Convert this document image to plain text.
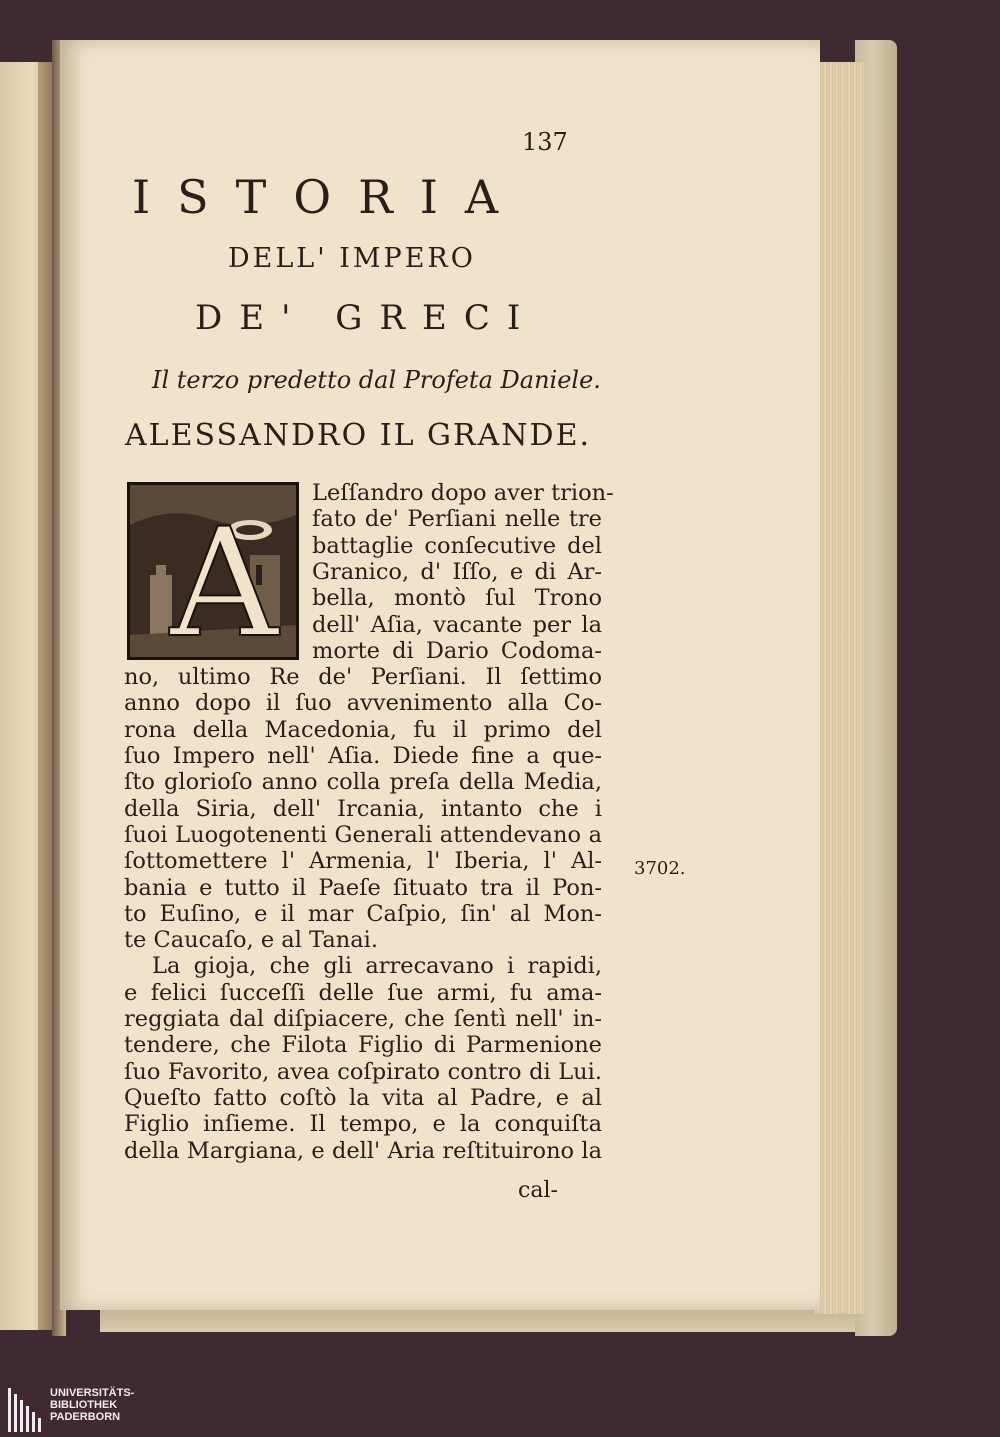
137
ISTORIA
DELL' IMPERO
DE' GRECI
Il terzo predetto dal Profeta Daniele.
ALESSANDRO IL GRANDE.
A
3702.
cal-
Leſſandro dopo aver trion-
fato de' Perſiani nelle tre
battaglie conſecutive del
Granico, d' Iſſo, e di Ar-
bella, montò ſul Trono
dell' Aſia, vacante per la
morte di Dario Codoma-
no, ultimo Re de' Perſiani. Il ſettimo
anno dopo il ſuo avvenimento alla Co-
rona della Macedonia, fu il primo del
ſuo Impero nell' Aſia. Diede fine a que-
ſto glorioſo anno colla preſa della Media,
della Siria, dell' Ircania, intanto che i
ſuoi Luogotenenti Generali attendevano a
ſottomettere l' Armenia, l' Iberia, l' Al-
bania e tutto il Paeſe ſituato tra il Pon-
to Euſino, e il mar Caſpio, ſin' al Mon-
te Caucaſo, e al Tanai.
La gioja, che gli arrecavano i rapidi,
e felici ſucceſſi delle ſue armi, fu ama-
reggiata dal diſpiacere, che ſentì nell' in-
tendere, che Filota Figlio di Parmenione
ſuo Favorito, avea coſpirato contro di Lui.
Queſto fatto coſtò la vita al Padre, e al
Figlio inſieme. Il tempo, e la conquiſta
della Margiana, e dell' Aria reſtituirono la
UNIVERSITÄTS-
BIBLIOTHEK
PADERBORN
